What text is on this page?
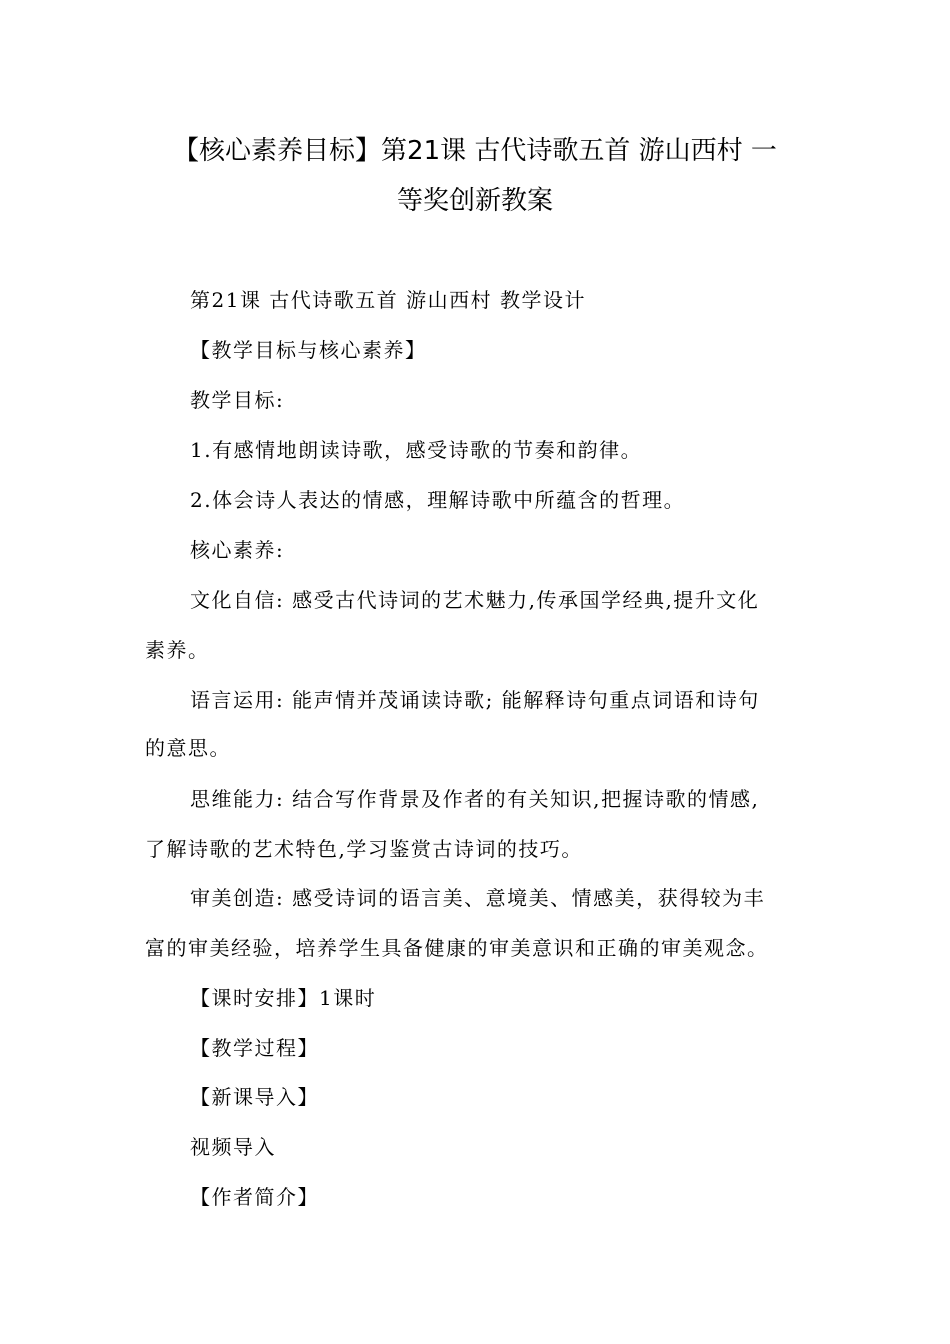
【核心素养目标】第21课 古代诗歌五首 游山西村 一
等奖创新教案
第21课 古代诗歌五首 游山西村 教学设计
【教学目标与核心素养】
教学目标:
1.有感情地朗读诗歌，感受诗歌的节奏和韵律。
2.体会诗人表达的情感，理解诗歌中所蕴含的哲理。
核心素养:
文化自信: 感受古代诗词的艺术魅力,传承国学经典,提升文化
素养。
语言运用: 能声情并茂诵读诗歌; 能解释诗句重点词语和诗句
的意思。
思维能力: 结合写作背景及作者的有关知识,把握诗歌的情感,
了解诗歌的艺术特色,学习鉴赏古诗词的技巧。
审美创造: 感受诗词的语言美、意境美、情感美，获得较为丰
富的审美经验，培养学生具备健康的审美意识和正确的审美观念。
【课时安排】1课时
【教学过程】
【新课导入】
视频导入
【作者简介】
